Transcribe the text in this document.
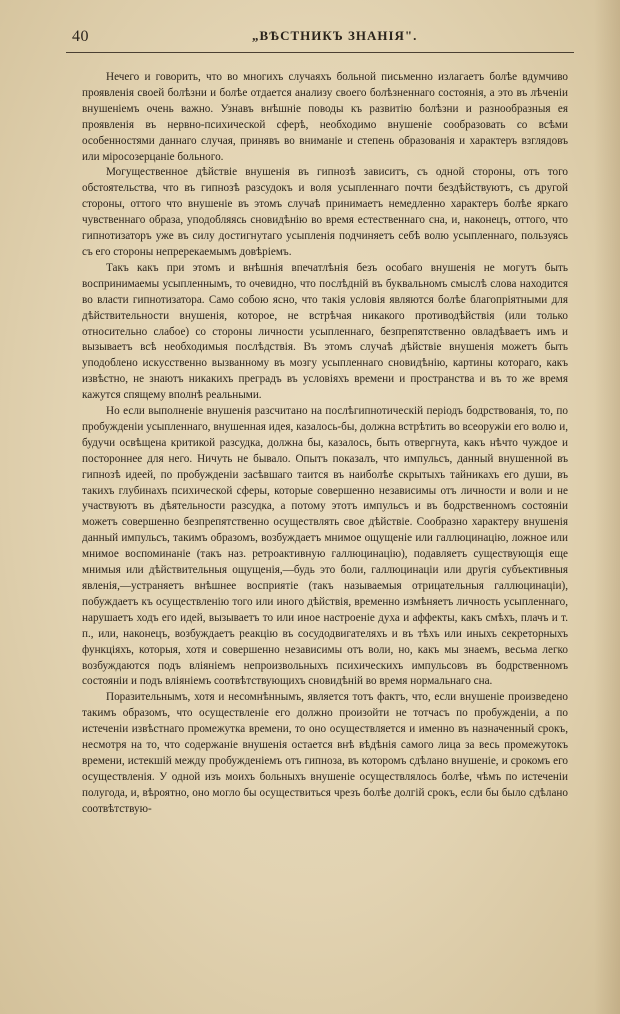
40	„ВѢСТНИКЪ ЗНАНІЯ".

Нечего и говорить, что во многихъ случаяхъ больной письменно излагаетъ болѣе вдумчиво проявленія своей болѣзни и болѣе отдается анализу своего болѣзненнаго состоянія, а это въ лѣченіи внушеніемъ очень важно. Узнавъ внѣшніе поводы къ развитію болѣзни и разнообразныя ея проявленія въ нервно-психической сферѣ, необходимо внушеніе сообразовать со всѣми особенностями даннаго случая, принявъ во вниманіе и степень образованія и характеръ взглядовъ или міросозерцаніе больного.

Могущественное дѣйствіе внушенія въ гипнозѣ зависитъ, съ одной стороны, отъ того обстоятельства, что въ гипнозѣ разсудокъ и воля усыпленнаго почти бездѣйствуютъ, съ другой стороны, оттого что внушеніе въ этомъ случаѣ принимаетъ немедленно характеръ болѣе яркаго чувственнаго образа, уподобляясь сновидѣнію во время естественнаго сна, и, наконецъ, оттого, что гипнотизаторъ уже въ силу достигнутаго усыпленія подчиняетъ себѣ волю усыпленнаго, пользуясь съ его стороны непререкаемымъ довѣріемъ.

Такъ какъ при этомъ и внѣшнія впечатлѣнія безъ особаго внушенія не могутъ быть воспринимаемы усыпленнымъ, то очевидно, что послѣдній въ буквальномъ смыслѣ слова находится во власти гипнотизатора. Само собою ясно, что такія условія являются болѣе благопріятными для дѣйствительности внушенія, которое, не встрѣчая никакого противодѣйствія (или только относительно слабое) со стороны личности усыпленнаго, безпрепятственно овладѣваетъ имъ и вызываетъ всѣ необходимыя послѣдствія. Въ этомъ случаѣ дѣйствіе внушенія можетъ быть уподоблено искусственно вызванному въ мозгу усыпленнаго сновидѣнію, картины котораго, какъ извѣстно, не знаютъ никакихъ преградъ въ условіяхъ времени и пространства и въ то же время кажутся спящему вполнѣ реальными.

Но если выполненіе внушенія разсчитано на послѣгипнотическій періодъ бодрствованія, то, по пробужденіи усыпленнаго, внушенная идея, казалось-бы, должна встрѣтить во всеоружіи его волю и, будучи освѣщена критикой разсудка, должна бы, казалось, быть отвергнута, какъ нѣчто чуждое и постороннее для него. Ничуть не бывало. Опытъ показалъ, что импульсъ, данный внушенной въ гипнозѣ идеей, по пробужденіи засѣвшаго таится въ наиболѣе скрытыхъ тайникахъ его души, въ такихъ глубинахъ психической сферы, которые совершенно независимы отъ личности и воли и не участвуютъ въ дѣятельности разсудка, а потому этотъ импульсъ и въ бодрственномъ состояніи можетъ совершенно безпрепятственно осуществлять свое дѣйствіе. Сообразно характеру внушенія данный импульсъ, такимъ образомъ, возбуждаетъ мнимое ощущеніе или галлюцинацію, ложное или мнимое воспоминаніе (такъ наз. ретроактивную галлюцинацію), подавляетъ существующія еще мнимыя или дѣйствительныя ощущенія,—будь это боли, галлюцинаціи или другія субъективныя явленія,—устраняетъ внѣшнее восприятіе (такъ называемыя отрицательныя галлюцинаціи), побуждаетъ къ осуществленію того или иного дѣйствія, временно измѣняетъ личность усыпленнаго, нарушаетъ ходъ его идей, вызываетъ то или иное настроеніе духа и аффекты, какъ смѣхъ, плачъ и т. п., или, наконецъ, возбуждаетъ реакцію въ сосудодвигателяхъ и въ тѣхъ или иныхъ секреторныхъ функціяхъ, которыя, хотя и совершенно независимы отъ воли, но, какъ мы знаемъ, весьма легко возбуждаются подъ вліяніемъ непроизвольныхъ психическихъ импульсовъ въ бодрственномъ состояніи и подъ вліяніемъ соотвѣтствующихъ сновидѣній во время нормальнаго сна.

Поразительнымъ, хотя и несомнѣннымъ, является тотъ фактъ, что, если внушеніе произведено такимъ образомъ, что осуществленіе его должно произойти не тотчасъ по пробужденіи, а по истеченіи извѣстнаго промежутка времени, то оно осуществляется и именно въ назначенный срокъ, несмотря на то, что содержаніе внушенія остается внѣ вѣдѣнія самого лица за весь промежутокъ времени, истекшій между пробужденіемъ отъ гипноза, въ которомъ сдѣлано внушеніе, и срокомъ его осуществленія. У одной изъ моихъ больныхъ внушеніе осуществлялось болѣе, чѣмъ по истеченіи полугода, и, вѣроятно, оно могло бы осуществиться чрезъ болѣе долгій срокъ, если бы было сдѣлано соотвѣтствую-
